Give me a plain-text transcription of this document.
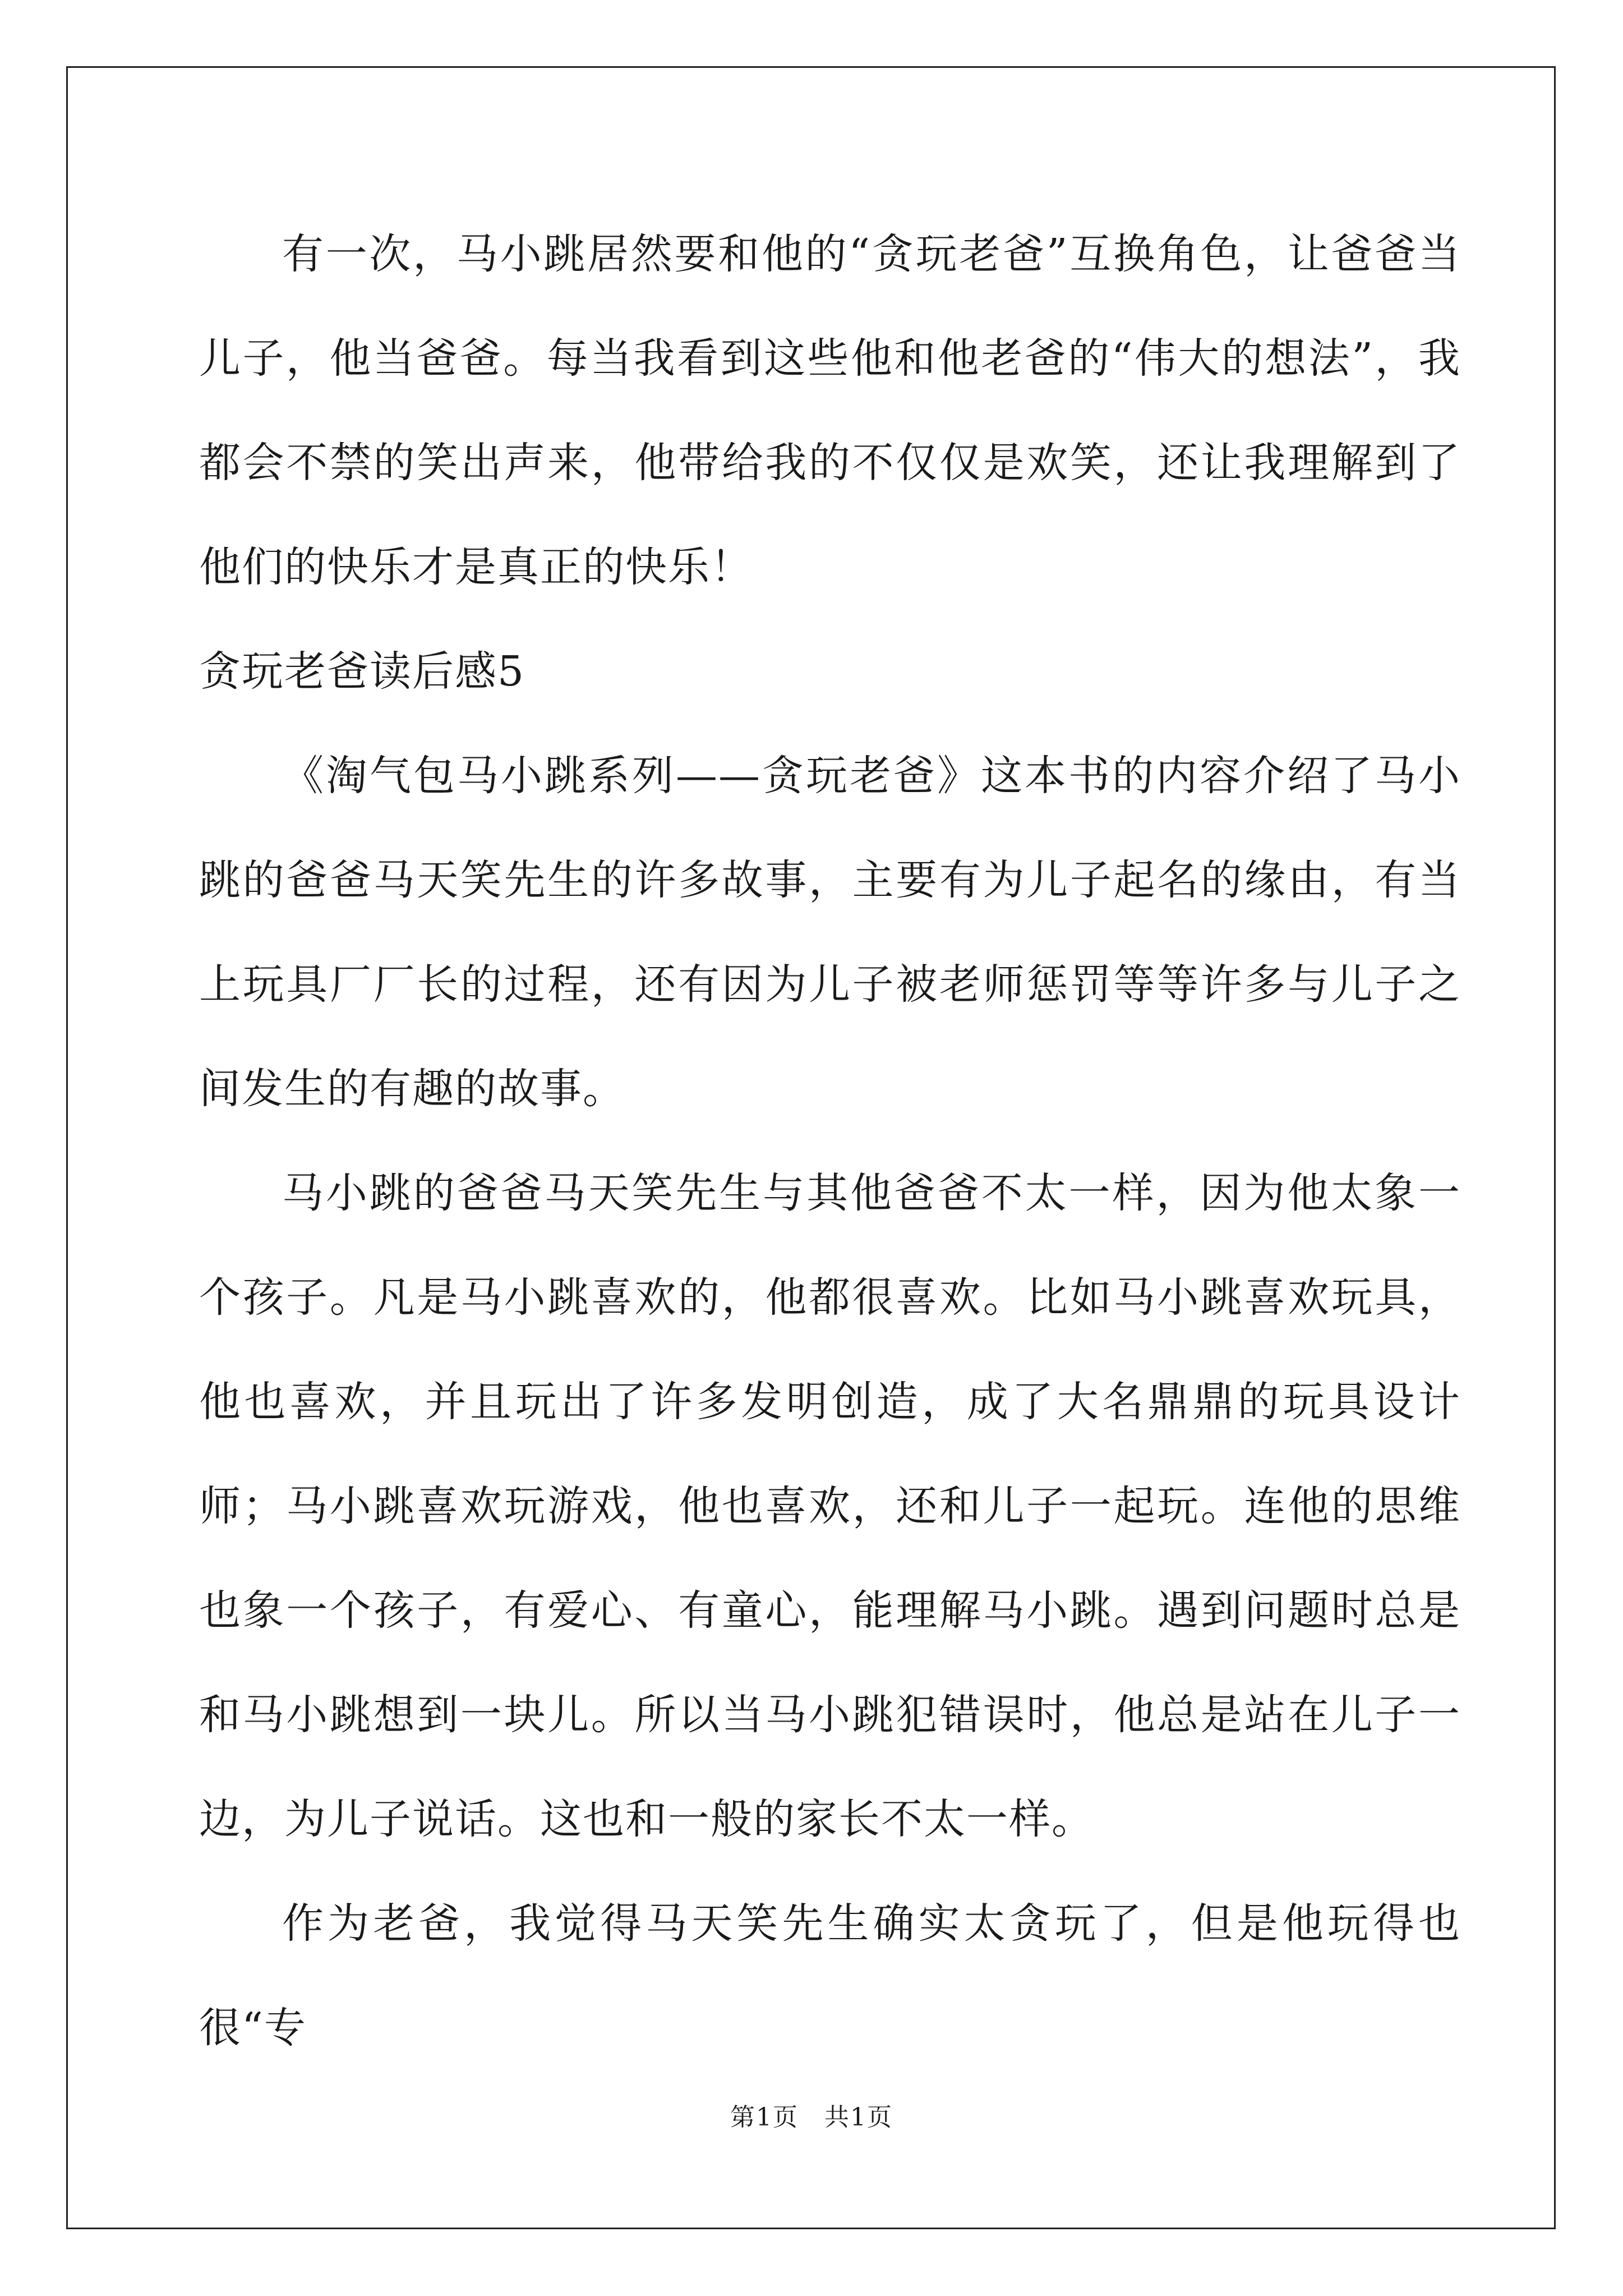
有一次，马小跳居然要和他的“贪玩老爸”互换角色，让爸爸当儿子，他当爸爸。每当我看到这些他和他老爸的“伟大的想法”，我都会不禁的笑出声来，他带给我的不仅仅是欢笑，还让我理解到了他们的快乐才是真正的快乐！

贪玩老爸读后感5

《淘气包马小跳系列——贪玩老爸》这本书的内容介绍了马小跳的爸爸马天笑先生的许多故事，主要有为儿子起名的缘由，有当上玩具厂厂长的过程，还有因为儿子被老师惩罚等等许多与儿子之间发生的有趣的故事。

马小跳的爸爸马天笑先生与其他爸爸不太一样，因为他太象一个孩子。凡是马小跳喜欢的，他都很喜欢。比如马小跳喜欢玩具，他也喜欢，并且玩出了许多发明创造，成了大名鼎鼎的玩具设计师；马小跳喜欢玩游戏，他也喜欢，还和儿子一起玩。连他的思维也象一个孩子，有爱心、有童心，能理解马小跳。遇到问题时总是和马小跳想到一块儿。所以当马小跳犯错误时，他总是站在儿子一边，为儿子说话。这也和一般的家长不太一样。

作为老爸，我觉得马天笑先生确实太贪玩了，但是他玩得也很“专

第1页　共1页
